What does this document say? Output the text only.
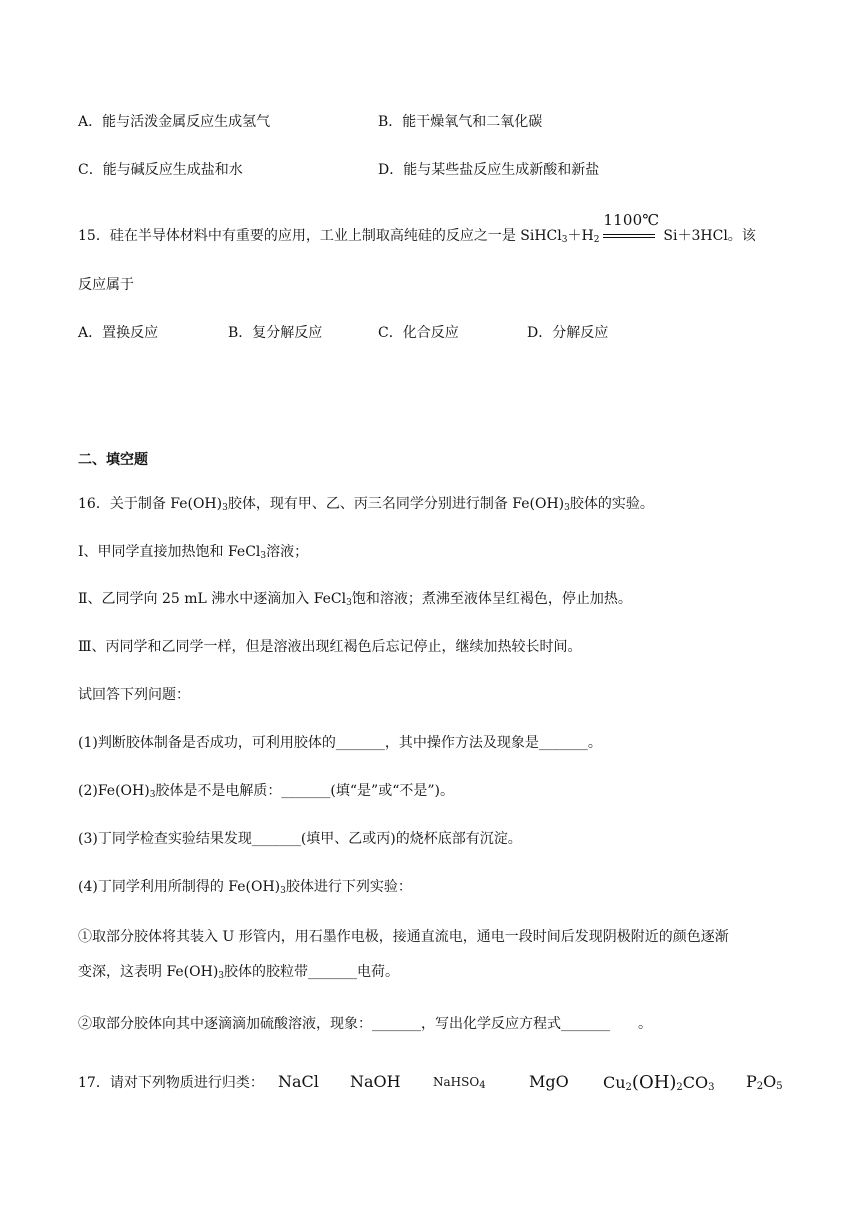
A．能与活泼金属反应生成氢气	B．能干燥氧气和二氧化碳
C．能与碱反应生成盐和水	D．能与某些盐反应生成新酸和新盐
15．硅在半导体材料中有重要的应用，工业上制取高纯硅的反应之一是 $SiHCl_3+H_2$
1100℃
Si＋3HCl。该
反应属于
A．置换反应	B．复分解反应	C．化合反应	D．分解反应
二、填空题
16．关于制备 $Fe(OH)_3$胶体，现有甲、乙、丙三名同学分别进行制备 $Fe(OH)_3$胶体的实验。
Ⅰ、甲同学直接加热饱和 FeCl$_3$溶液；
Ⅱ、乙同学向 25 mL 沸水中逐滴加入 FeCl$_3$饱和溶液；煮沸至液体呈红褐色，停止加热。
Ⅲ、丙同学和乙同学一样，但是溶液出现红褐色后忘记停止，继续加热较长时间。
试回答下列问题：
(1)判断胶体制备是否成功，可利用胶体的_______，其中操作方法及现象是_______。
$(2)Fe(OH)_3$胶体是不是电解质：_______(填“是”或“不是”)。
(3)丁同学检查实验结果发现_______(填甲、乙或丙)的烧杯底部有沉淀。
(4)丁同学利用所制得的 $Fe(OH)_3$胶体进行下列实验：
①取部分胶体将其装入 U 形管内，用石墨作电极，接通直流电，通电一段时间后发现阴极附近的颜色逐渐
变深，这表明 $Fe(OH)_3$胶体的胶粒带_______电荷。
②取部分胶体向其中逐滴滴加硫酸溶液，现象：_______，写出化学反应方程式_______　　。
17．请对下列物质进行归类： NaCl NaOH	NaHSO$_4$	MgO $Cu_2(OH)_2CO_3$ $P_2O_5$
